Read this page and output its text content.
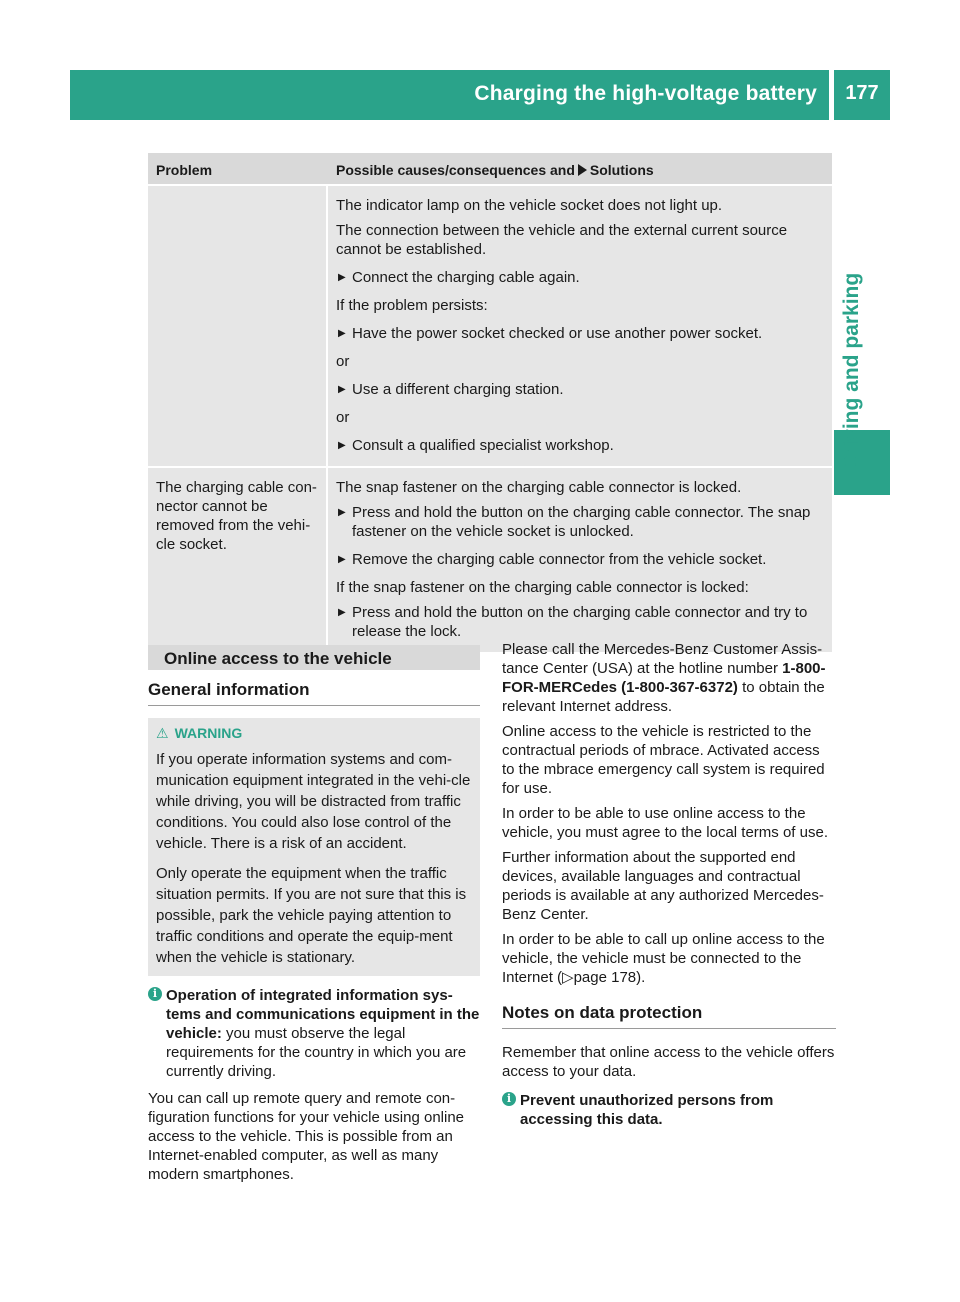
Charging the high-voltage battery	177
Driving and parking
Problem	Possible causes/consequences and Solutions

The indicator lamp on the vehicle socket does not light up.

The connection between the vehicle and the external current source cannot be established.

▶ Connect the charging cable again.

If the problem persists:

▶ Have the power socket checked or use another power socket.

or

▶ Use a different charging station.

or

▶ Consult a qualified specialist workshop.

The charging cable con-nector cannot be removed from the vehi-cle socket.

The snap fastener on the charging cable connector is locked.

▶ Press and hold the button on the charging cable connector. The snap fastener on the vehicle socket is unlocked.

▶ Remove the charging cable connector from the vehicle socket.

If the snap fastener on the charging cable connector is locked:

▶ Press and hold the button on the charging cable connector and try to release the lock.

Online access to the vehicle
General information
⚠ WARNING

If you operate information systems and com-munication equipment integrated in the vehi-cle while driving, you will be distracted from traffic conditions. You could also lose control of the vehicle. There is a risk of an accident.

Only operate the equipment when the traffic situation permits. If you are not sure that this is possible, park the vehicle paying attention to traffic conditions and operate the equip-ment when the vehicle is stationary.

i Operation of integrated information sys-tems and communications equipment in the vehicle: you must observe the legal requirements for the country in which you are currently driving.

You can call up remote query and remote con-figuration functions for your vehicle using online access to the vehicle. This is possible from an Internet-enabled computer, as well as many modern smartphones.

Please call the Mercedes-Benz Customer Assis-tance Center (USA) at the hotline number 1-800-FOR-MERCedes (1-800-367-6372) to obtain the relevant Internet address.

Online access to the vehicle is restricted to the contractual periods of mbrace. Activated access to the mbrace emergency call system is required for use.

In order to be able to use online access to the vehicle, you must agree to the local terms of use.

Further information about the supported end devices, available languages and contractual periods is available at any authorized Mercedes-Benz Center.

In order to be able to call up online access to the vehicle, the vehicle must be connected to the Internet (▷page 178).

Notes on data protection

Remember that online access to the vehicle offers access to your data.

i Prevent unauthorized persons from accessing this data.
